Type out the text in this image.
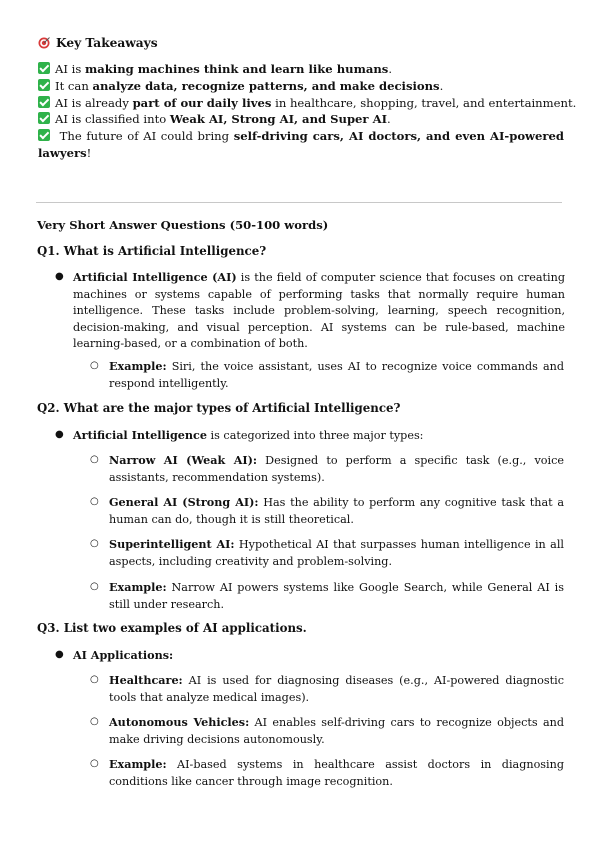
Key Takeaways
AI is making machines think and learn like humans.
It can analyze data, recognize patterns, and make decisions.
AI is already part of our daily lives in healthcare, shopping, travel, and entertainment.
AI is classified into Weak AI, Strong AI, and Super AI.
The future of AI could bring self-driving cars, AI doctors, and even AI-powered
lawyers!
Very Short Answer Questions (50-100 words)
Q1. What is Artificial Intelligence?
● Artificial Intelligence (AI) is the field of computer science that focuses on creating machines or systems capable of performing tasks that normally require human intelligence. These tasks include problem-solving, learning, speech recognition, decision-making, and visual perception. AI systems can be rule-based, machine learning-based, or a combination of both.
○ Example: Siri, the voice assistant, uses AI to recognize voice commands and respond intelligently.
Q2. What are the major types of Artificial Intelligence?
● Artificial Intelligence is categorized into three major types:
○ Narrow AI (Weak AI): Designed to perform a specific task (e.g., voice assistants, recommendation systems).
○ General AI (Strong AI): Has the ability to perform any cognitive task that a human can do, though it is still theoretical.
○ Superintelligent AI: Hypothetical AI that surpasses human intelligence in all aspects, including creativity and problem-solving.
○ Example: Narrow AI powers systems like Google Search, while General AI is still under research.
Q3. List two examples of AI applications.
● AI Applications:
○ Healthcare: AI is used for diagnosing diseases (e.g., AI-powered diagnostic tools that analyze medical images).
○ Autonomous Vehicles: AI enables self-driving cars to recognize objects and make driving decisions autonomously.
○ Example: AI-based systems in healthcare assist doctors in diagnosing conditions like cancer through image recognition.
